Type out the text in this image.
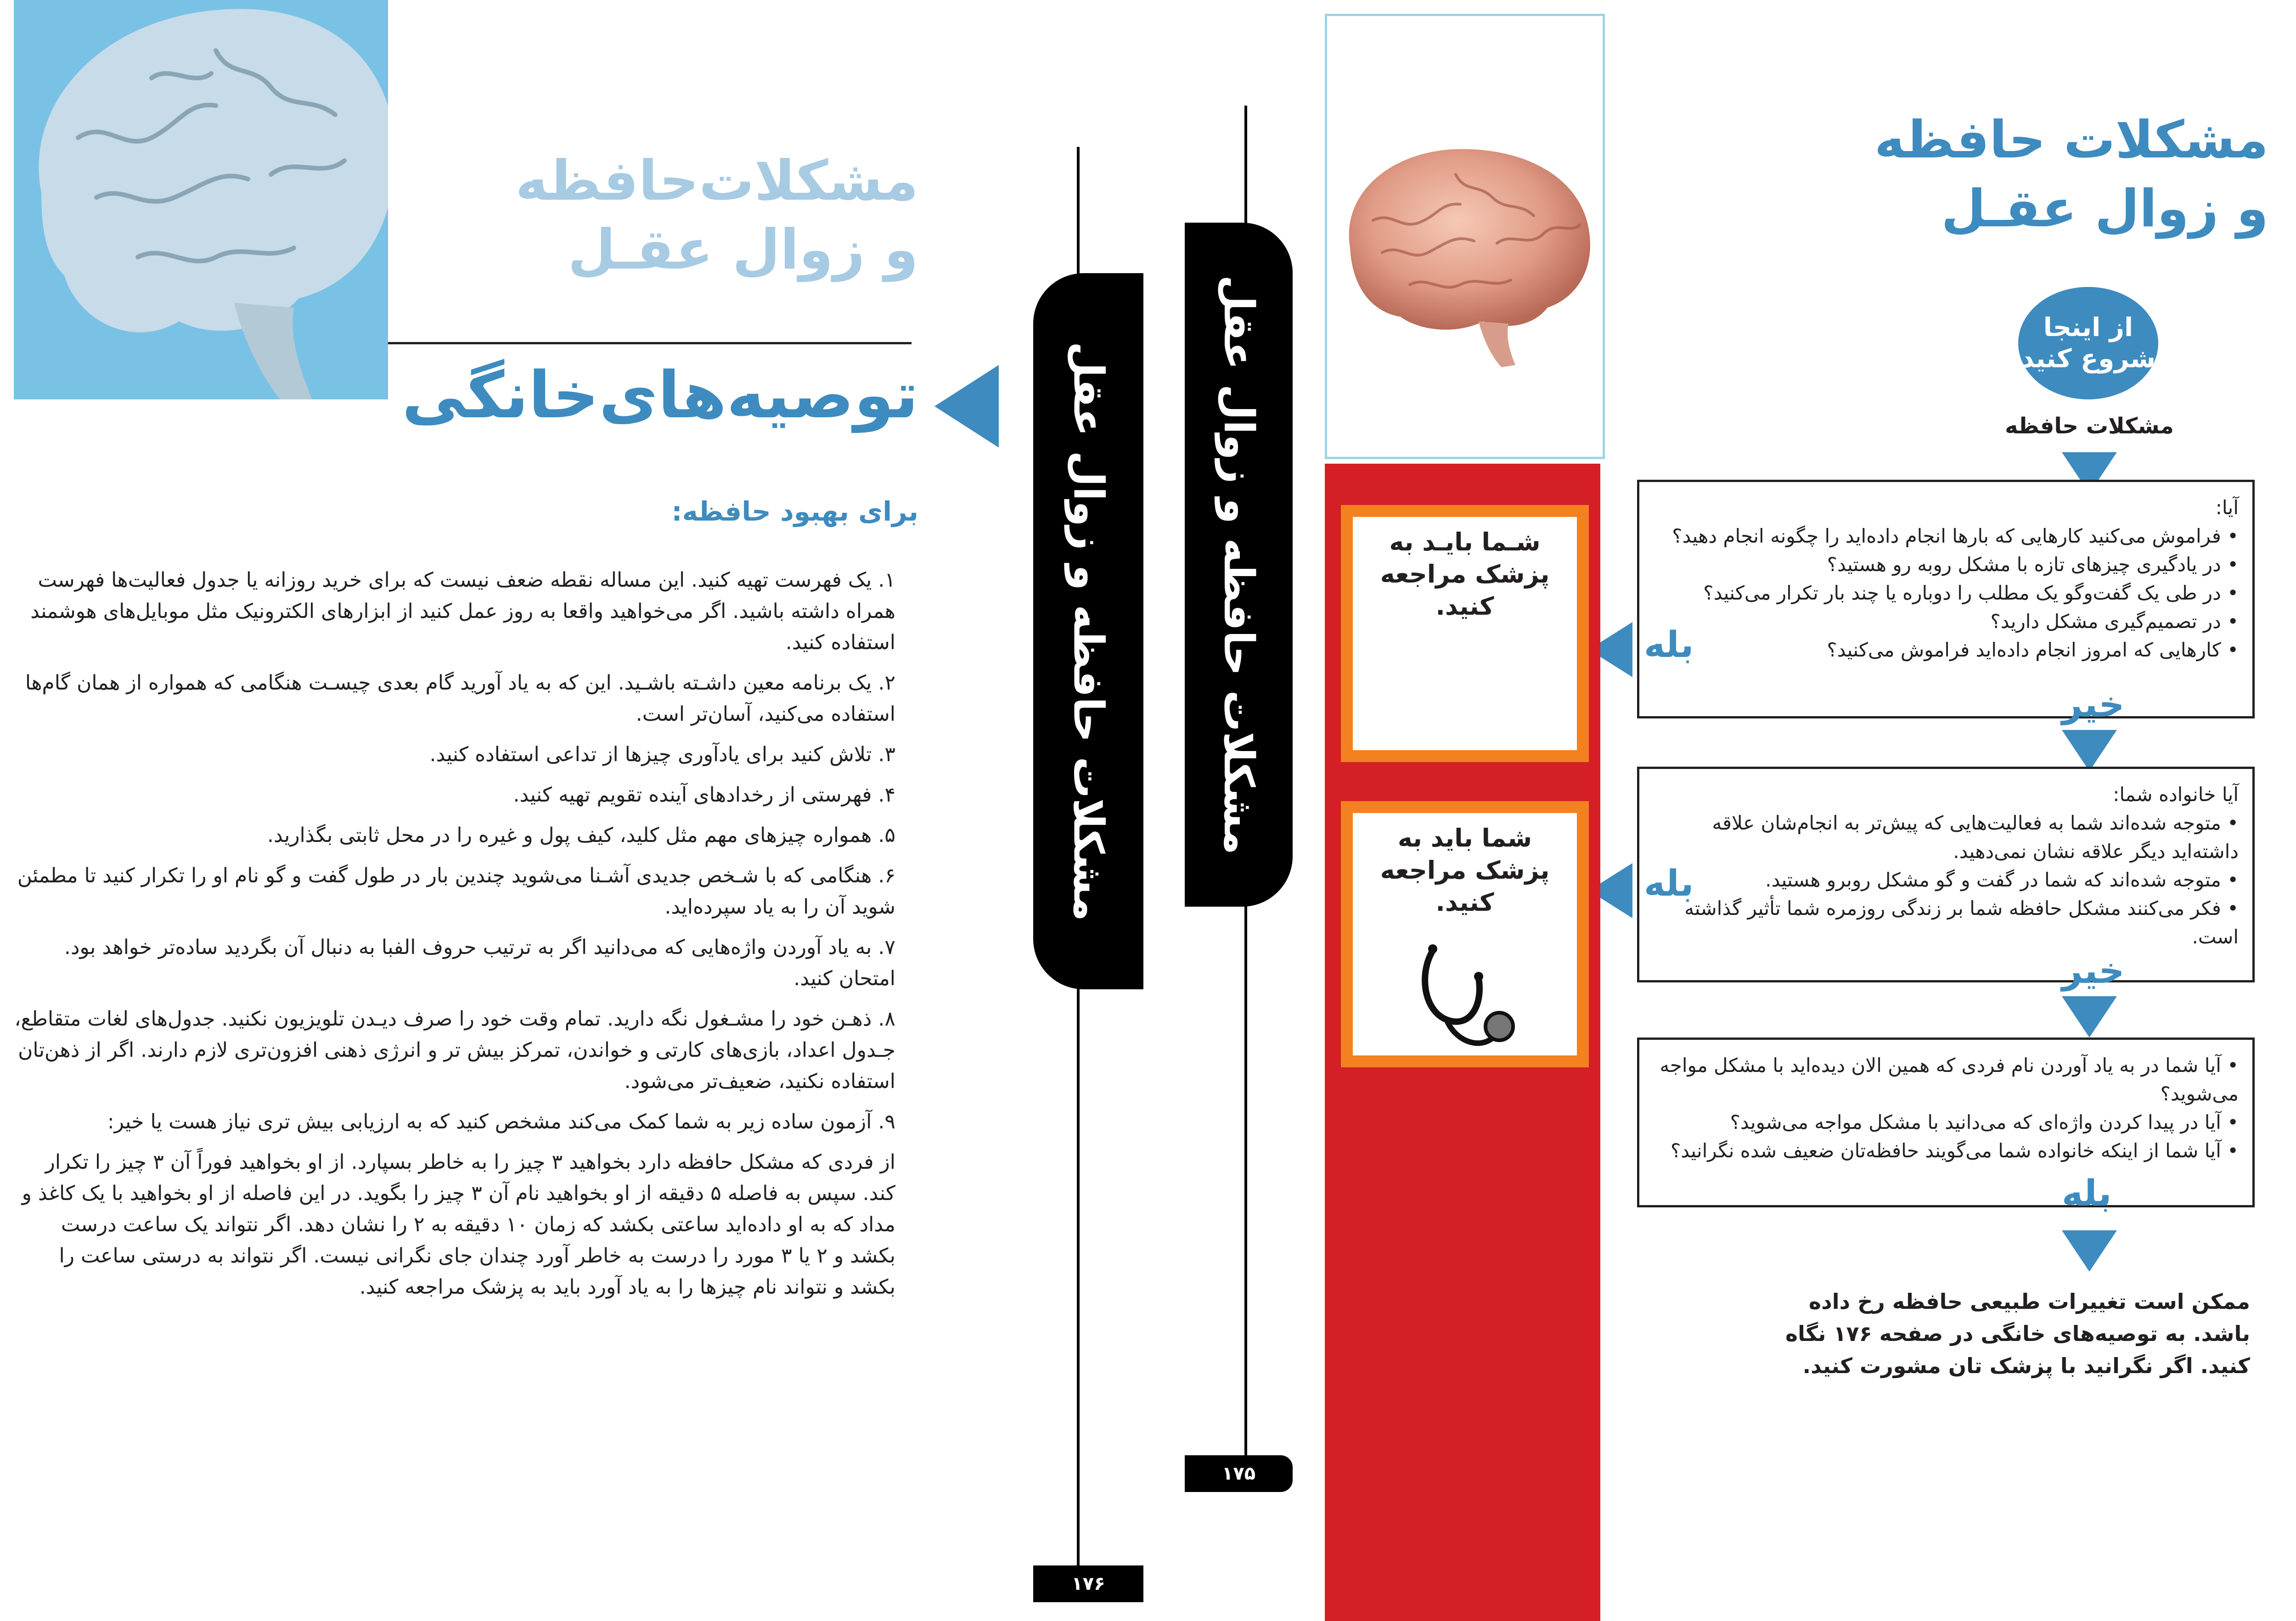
مشکلات حافظه
و زوال عقـل
از اینجا شروع کنید
مشکلات حافظه
آیا:
• فراموش می‌کنید کارهایی که بارها انجام داده‌اید را چگونه انجام دهید؟
• در یادگیری چیزهای تازه با مشکل روبه رو هستید؟
• در طی یک گفت‌وگو یک مطلب را دوباره یا چند بار تکرار می‌کنید؟
• در تصمیم‌گیری مشکل دارید؟
• کارهایی که امروز انجام داده‌اید فراموش می‌کنید؟
خیر
بله
آیا خانواده شما:
• متوجه شده‌اند شما به فعالیت‌هایی که پیش‌تر به انجام‌شان علاقه داشته‌اید دیگر علاقه نشان نمی‌دهید.
• متوجه شده‌اند که شما در گفت و گو مشکل روبرو هستید.
• فکر می‌کنند مشکل حافظه شما بر زندگی روزمره شما تأثیر گذاشته است.
خیر
بله
• آیا شما در به یاد آوردن نام فردی که همین الان دیده‌اید با مشکل مواجه می‌شوید؟
• آیا در پیدا کردن واژه‌ای که می‌دانید با مشکل مواجه می‌شوید؟
• آیا شما از اینکه خانواده شما می‌گویند حافظه‌تان ضعیف شده نگرانید؟
بله
ممکن است تغییرات طبیعی حافظه رخ داده باشد. به توصیه‌های خانگی در صفحه ۱۷۶ نگاه کنید. اگر نگرانید با پزشک تان مشورت کنید.
شـما بایـد به پزشک مراجعه کنید.
شما باید به پزشک مراجعه کنید.
مشکلات حافظه و زوال عقل
۱۷۵
مشکلات حافظه و زوال عقل
۱۷۶
مشکلات‌حافظه
و زوال عقـل
توصیه‌های‌خانگی
برای بهبود حافظه:

۱. یک فهرست تهیه کنید. این مساله نقطه ضعف نیست که برای خرید روزانه یا جدول فعالیت‌ها فهرست همراه داشته باشید. اگر می‌خواهید واقعا به روز عمل کنید از ابزارهای الکترونیک مثل موبایل‌های هوشمند استفاده کنید.

۲. یک برنامه معین داشـته باشـید. این که به یاد آورید گام بعدی چیسـت هنگامی که همواره از همان گام‌ها استفاده می‌کنید، آسان‌تر است.

۳. تلاش کنید برای یادآوری چیزها از تداعی استفاده کنید.

۴. فهرستی از رخدادهای آینده تقویم تهیه کنید.

۵. همواره چیزهای مهم مثل کلید، کیف پول و غیره را در محل ثابتی بگذارید.

۶. هنگامی که با شـخص جدیدی آشـنا می‌شوید چندین بار در طول گفت و گو نام او را تکرار کنید تا مطمئن شوید آن را به یاد سپرده‌اید.

۷. به یاد آوردن واژه‌هایی که می‌دانید اگر به ترتیب حروف الفبا به دنبال آن بگردید ساده‌تر خواهد بود. امتحان کنید.

۸. ذهـن خود را مشـغول نگه دارید. تمام وقت خود را صرف دیـدن تلویزیون نکنید. جدول‌های لغات متقاطع، جـدول اعداد، بازی‌های کارتی و خواندن، تمرکز بیش تر و انرژی ذهنی افزون‌تری لازم دارند. اگر از ذهن‌تان استفاده نکنید، ضعیف‌تر می‌شود.

۹. آزمون ساده زیر به شما کمک می‌کند مشخص کنید که به ارزیابی بیش تری نیاز هست یا خیر:

از فردی که مشکل حافظه دارد بخواهید ۳ چیز را به خاطر بسپارد. از او بخواهید فوراً آن ۳ چیز را تکرار کند. سپس به فاصله ۵ دقیقه از او بخواهید نام آن ۳ چیز را بگوید. در این فاصله از او بخواهید با یک کاغذ و مداد که به او داده‌اید ساعتی بکشد که زمان ۱۰ دقیقه به ۲ را نشان دهد. اگر نتواند یک ساعت درست بکشد و ۲ یا ۳ مورد را درست به خاطر آورد چندان جای نگرانی نیست. اگر نتواند به درستی ساعت را بکشد و نتواند نام چیزها را به یاد آورد باید به پزشک مراجعه کنید.
